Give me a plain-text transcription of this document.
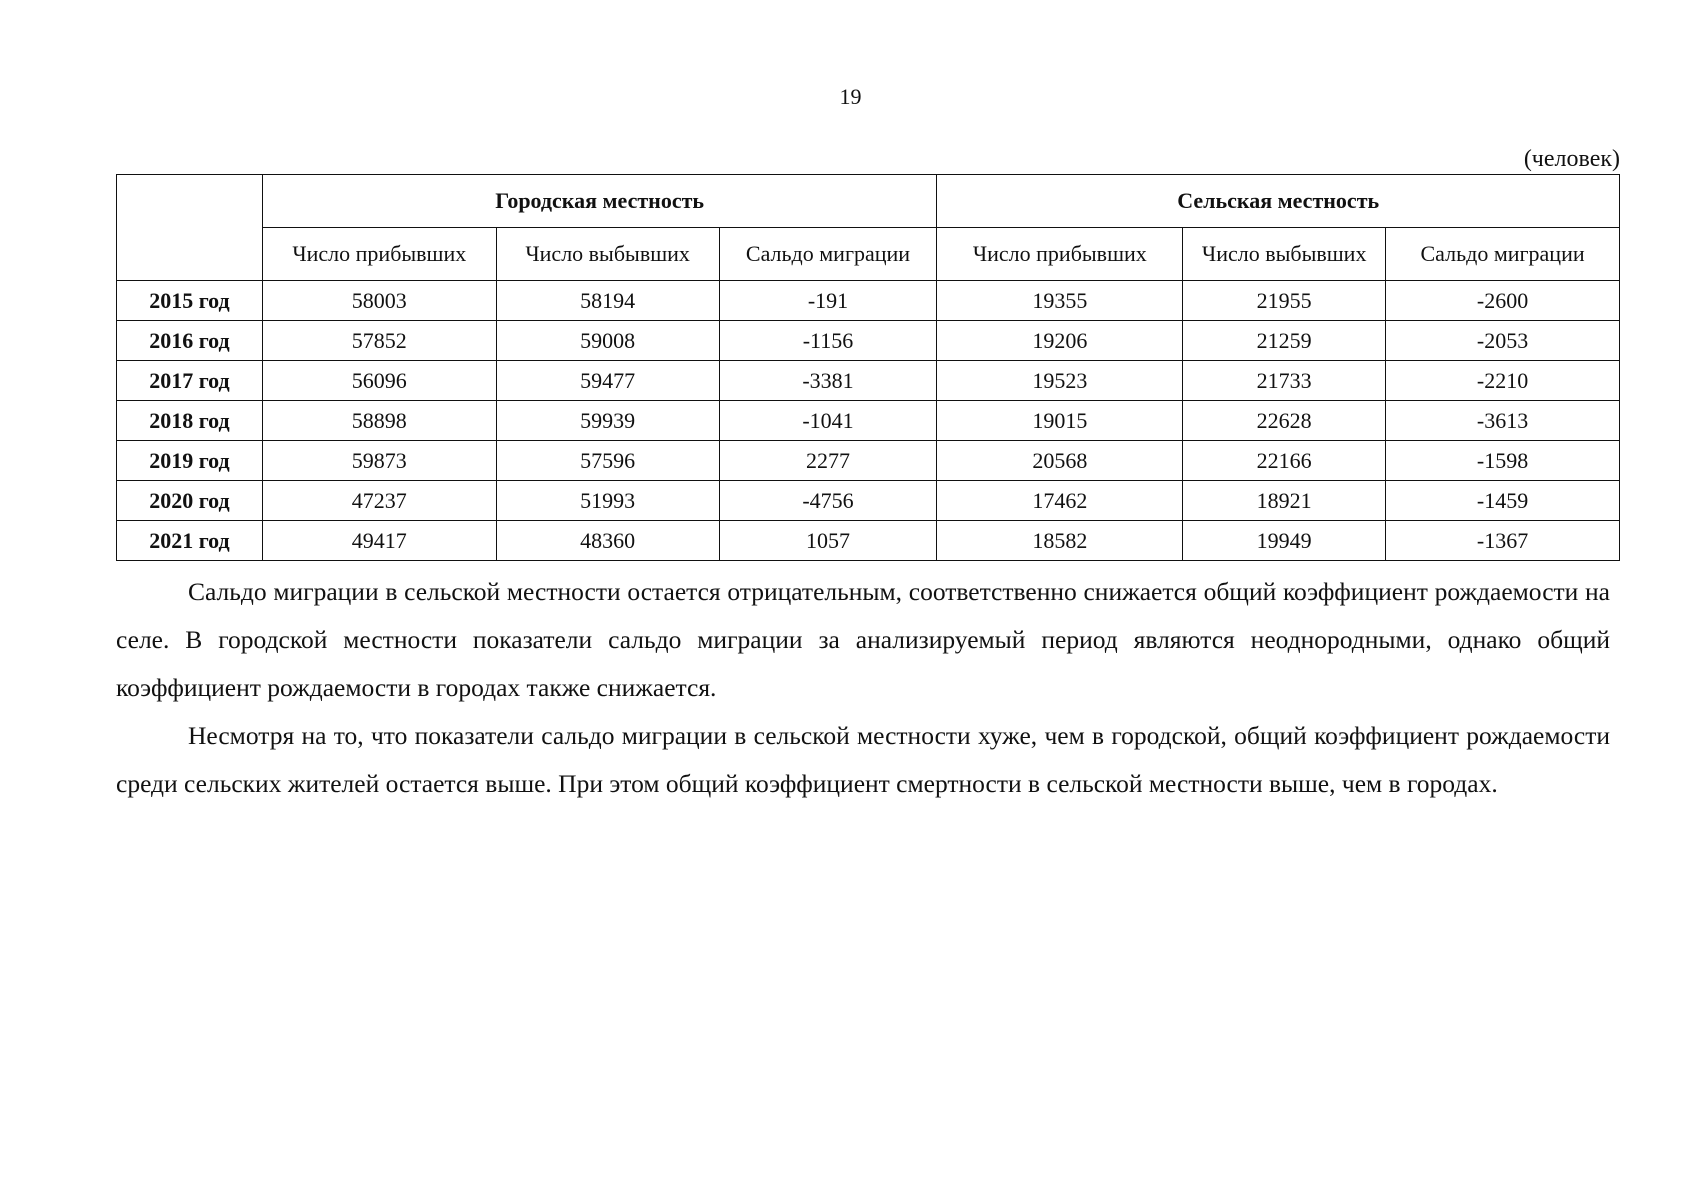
19
(человек)
	Городская местность			Сельская местность		
	Число прибывших	Число выбывших	Сальдо миграции	Число прибывших	Число выбывших	Сальдо миграции
2015 год	58003	58194	-191	19355	21955	-2600
2016 год	57852	59008	-1156	19206	21259	-2053
2017 год	56096	59477	-3381	19523	21733	-2210
2018 год	58898	59939	-1041	19015	22628	-3613
2019 год	59873	57596	2277	20568	22166	-1598
2020 год	47237	51993	-4756	17462	18921	-1459
2021 год	49417	48360	1057	18582	19949	-1367

Сальдо миграции в сельской местности остается отрицательным, соответственно снижается общий коэффициент рождаемости на селе. В городской местности показатели сальдо миграции за анализируемый период являются неоднородными, однако общий коэффициент рождаемости в городах также снижается.

Несмотря на то, что показатели сальдо миграции в сельской местности хуже, чем в городской, общий коэффициент рождаемости среди сельских жителей остается выше. При этом общий коэффициент смертности в сельской местности выше, чем в городах.
